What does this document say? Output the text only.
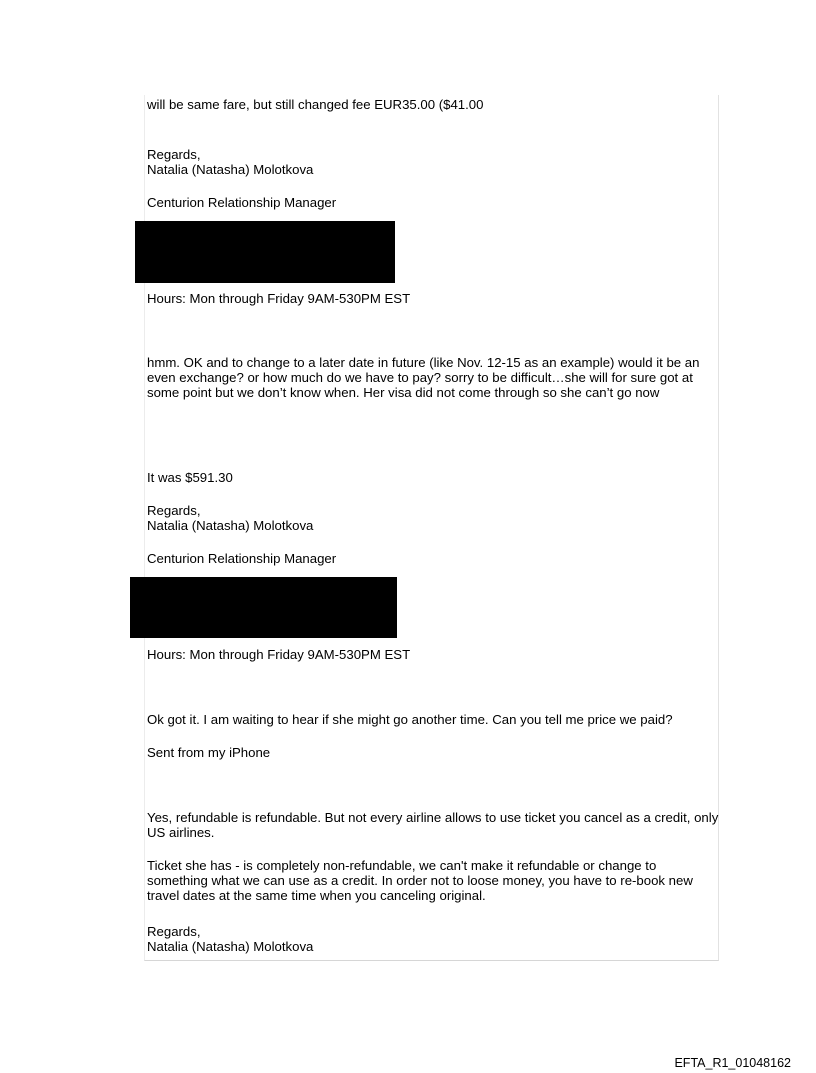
will be same fare, but still changed fee EUR35.00 ($41.00

Regards,

Natalia (Natasha) Molotkova

Centurion Relationship Manager

Hours: Mon through Friday 9AM-530PM EST

hmm. OK and to change to a later date in future (like Nov. 12-15 as an example) would it be an even exchange? or how much do we have to pay? sorry to be difficult…she will for sure got at some point but we don’t know when. Her visa did not come through so she can’t go now

It was $591.30

Regards,

Natalia (Natasha) Molotkova

Centurion Relationship Manager

Hours: Mon through Friday 9AM-530PM EST

Ok got it. I am waiting to hear if she might go another time. Can you tell me price we paid?

Sent from my iPhone

Yes, refundable is refundable. But not every airline allows to use ticket you cancel as a credit, only US airlines.

Ticket she has - is completely non-refundable, we can't make it refundable or change to something what we can use as a credit. In order not to loose money, you have to re-book new travel dates at the same time when you canceling original.

Regards,

Natalia (Natasha) Molotkova

EFTA_R1_01048162
